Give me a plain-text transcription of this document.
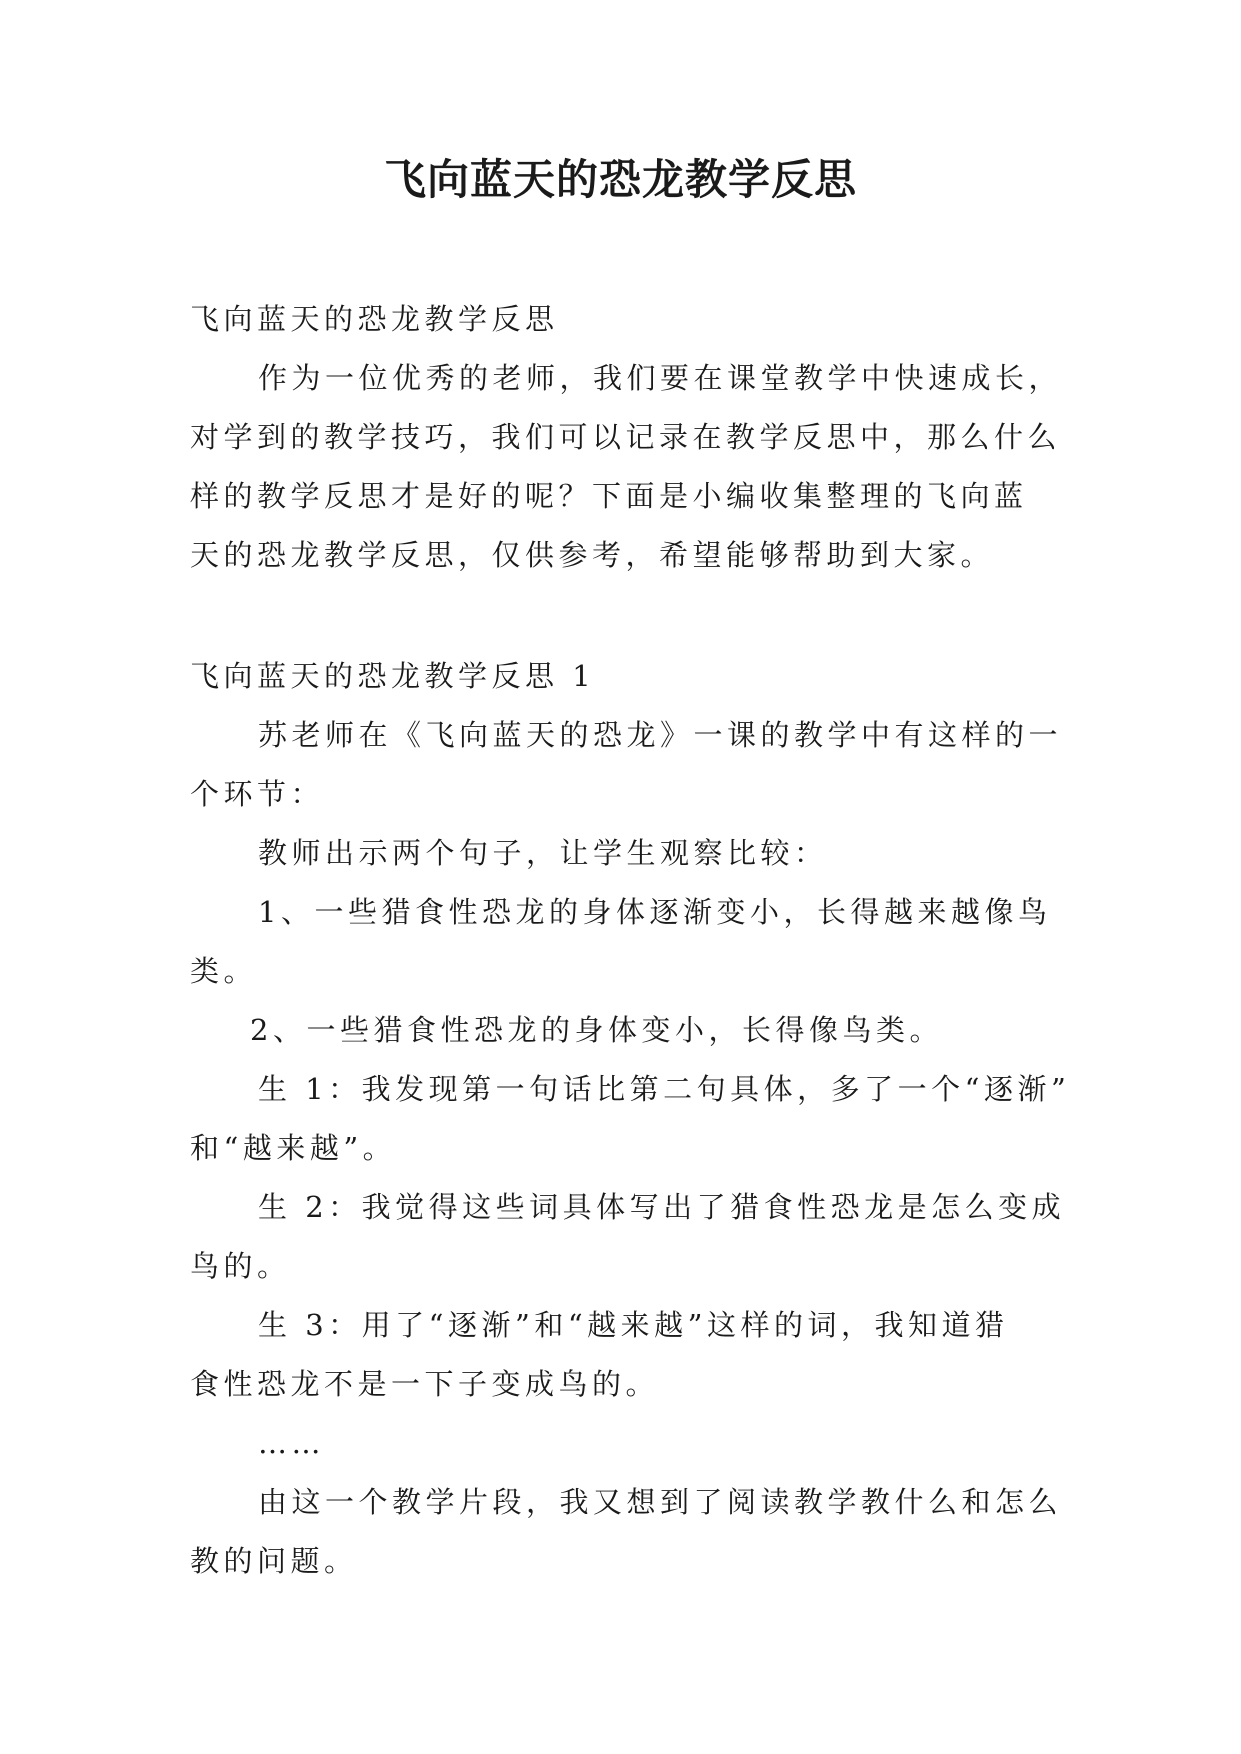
飞向蓝天的恐龙教学反思
飞向蓝天的恐龙教学反思
作为一位优秀的老师，我们要在课堂教学中快速成长，
对学到的教学技巧，我们可以记录在教学反思中，那么什么
样的教学反思才是好的呢？下面是小编收集整理的飞向蓝
天的恐龙教学反思，仅供参考，希望能够帮助到大家。
飞向蓝天的恐龙教学反思 1
苏老师在《飞向蓝天的恐龙》一课的教学中有这样的一
个环节：
教师出示两个句子，让学生观察比较：
1、一些猎食性恐龙的身体逐渐变小，长得越来越像鸟
类。
2、一些猎食性恐龙的身体变小，长得像鸟类。
生 1：我发现第一句话比第二句具体，多了一个“逐渐”
和“越来越”。
生 2：我觉得这些词具体写出了猎食性恐龙是怎么变成
鸟的。
生 3：用了“逐渐”和“越来越”这样的词，我知道猎
食性恐龙不是一下子变成鸟的。
……
由这一个教学片段，我又想到了阅读教学教什么和怎么
教的问题。
